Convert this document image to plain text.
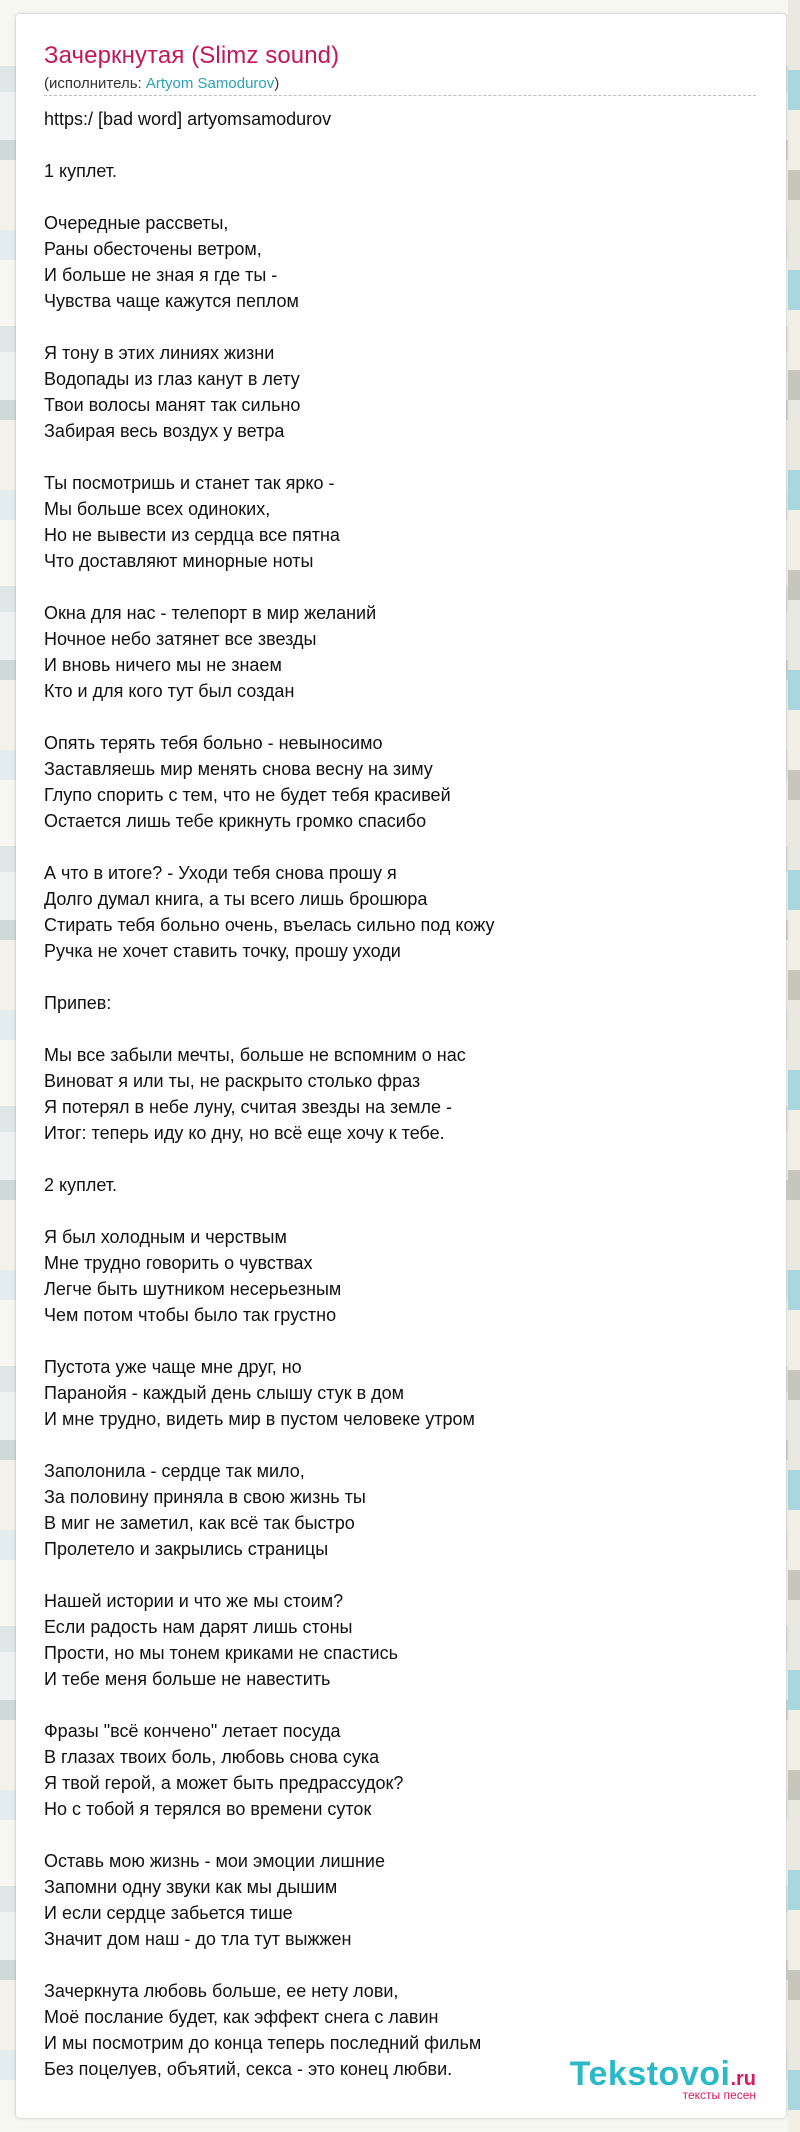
Зачеркнутая (Slimz sound)
(исполнитель: Artyom Samodurov)
https:/ [bad word] artyomsamodurov

1 куплет.

Очередные рассветы,
Раны обесточены ветром,
И больше не зная я где ты -
Чувства чаще кажутся пеплом

Я тону в этих линиях жизни
Водопады из глаз канут в лету
Твои волосы манят так сильно
Забирая весь воздух у ветра

Ты посмотришь и станет так ярко -
Мы больше всех одиноких,
Но не вывести из сердца все пятна
Что доставляют минорные ноты

Окна для нас - телепорт в мир желаний
Ночное небо затянет все звезды
И вновь ничего мы не знаем
Кто и для кого тут был создан

Опять терять тебя больно - невыносимо
Заставляешь мир менять снова весну на зиму
Глупо спорить с тем, что не будет тебя красивей
Остается лишь тебе крикнуть громко спасибо

А что в итоге? - Уходи тебя снова прошу я
Долго думал книга, а ты всего лишь брошюра
Стирать тебя больно очень, въелась сильно под кожу
Ручка не хочет ставить точку, прошу уходи

Припев:

Мы все забыли мечты, больше не вспомним о нас
Виноват я или ты, не раскрыто столько фраз
Я потерял в небе луну, считая звезды на земле -
Итог: теперь иду ко дну, но всё еще хочу к тебе.

2 куплет.

Я был холодным и черствым
Мне трудно говорить о чувствах
Легче быть шутником несерьезным
Чем потом чтобы было так грустно

Пустота уже чаще мне друг, но
Паранойя - каждый день слышу стук в дом
И мне трудно, видеть мир в пустом человеке утром

Заполонила - сердце так мило,
За половину приняла в свою жизнь ты
В миг не заметил, как всё так быстро
Пролетело и закрылись страницы

Нашей истории и что же мы стоим?
Если радость нам дарят лишь стоны
Прости, но мы тонем криками не спастись
И тебе меня больше не навестить

Фразы "всё кончено" летает посуда
В глазах твоих боль, любовь снова сука
Я твой герой, а может быть предрассудок?
Но с тобой я терялся во времени суток

Оставь мою жизнь - мои эмоции лишние
Запомни одну звуки как мы дышим
И если сердце забьется тише
Значит дом наш - до тла тут выжжен

Зачеркнута любовь больше, ее нету лови,
Моё послание будет, как эффект снега с лавин
И мы посмотрим до конца теперь последний фильм
Без поцелуев, объятий, секса - это конец любви.	Tekstovoi.ru
тексты песен
